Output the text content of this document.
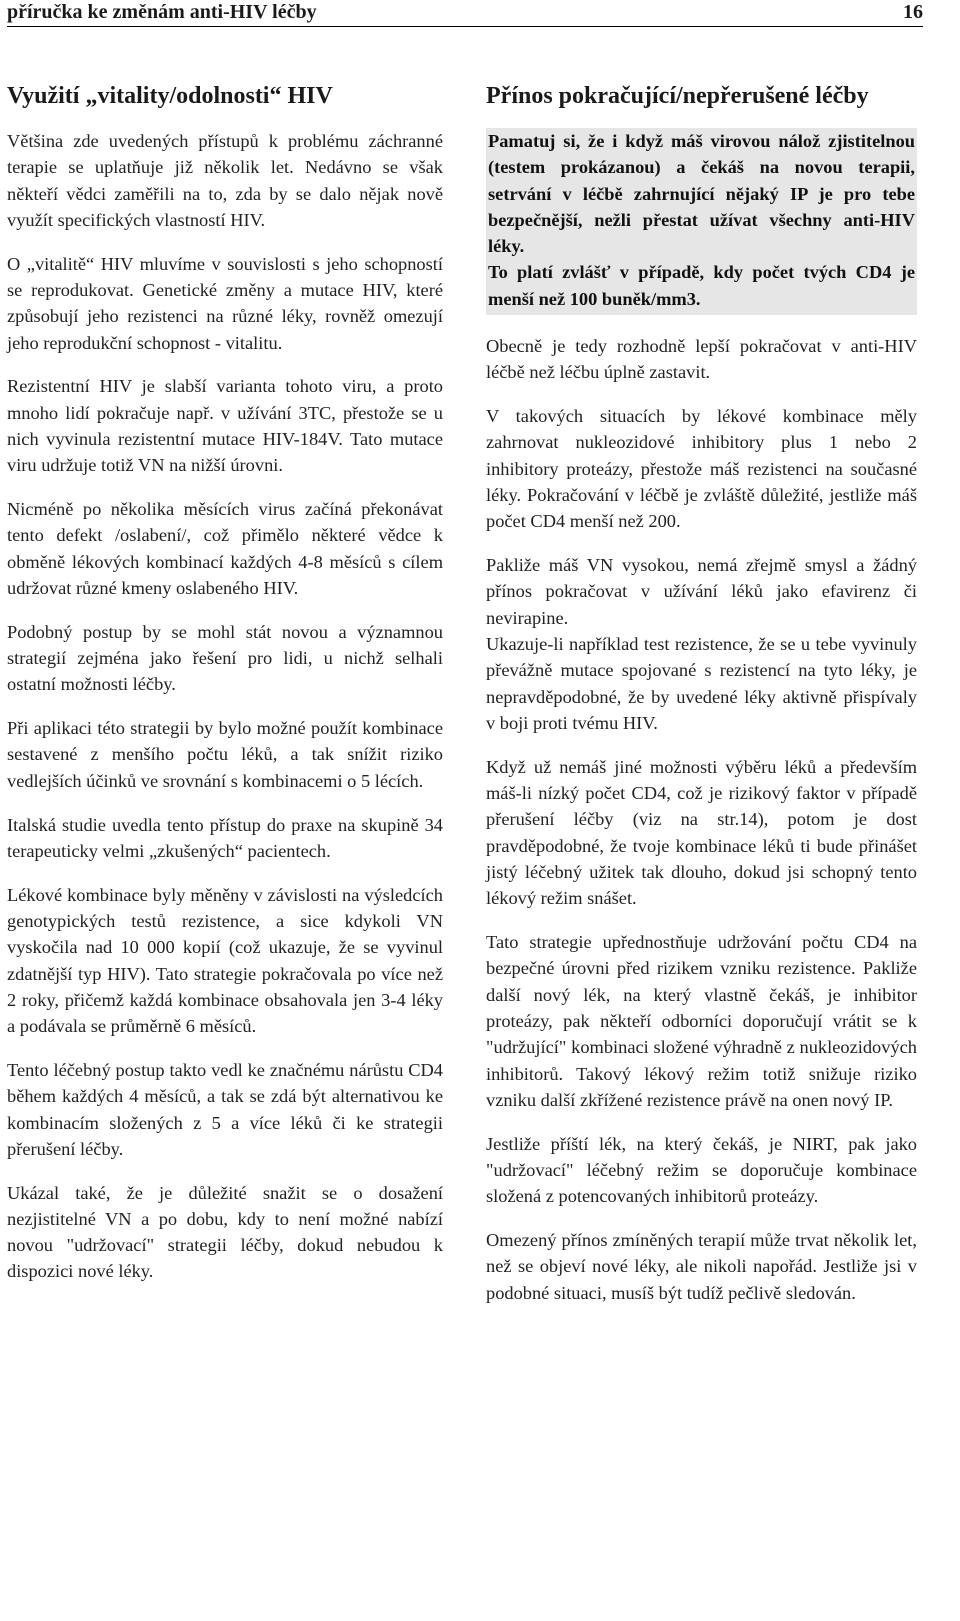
příručka ke změnám anti-HIV léčby	16
Využití „vitality/odolnosti“ HIV

Většina zde uvedených přístupů k problému záchranné terapie se uplatňuje již několik let. Nedávno se však někteří vědci zaměřili na to, zda by se dalo nějak nově využít specifických vlastností HIV.

O „vitalitě“ HIV mluvíme v souvislosti s jeho schopností se reprodukovat. Genetické změny a mutace HIV, které způsobují jeho rezistenci na různé léky, rovněž omezují jeho reprodukční schopnost - vitalitu.

Rezistentní HIV je slabší varianta tohoto viru, a proto mnoho lidí pokračuje např. v užívání 3TC, přestože se u nich vyvinula rezistentní mutace HIV-184V. Tato mutace viru udržuje totiž VN na nižší úrovni.

Nicméně po několika měsících virus začíná překonávat tento defekt /oslabení/, což přimělo některé vědce k obměně lékových kombinací každých 4-8 měsíců s cílem udržovat různé kmeny oslabeného HIV.

Podobný postup by se mohl stát novou a významnou strategií zejména jako řešení pro lidi, u nichž selhali ostatní možnosti léčby.

Při aplikaci této strategii by bylo možné použít kombinace sestavené z menšího počtu léků, a tak snížit riziko vedlejších účinků ve srovnání s kombinacemi o 5 lécích.

Italská studie uvedla tento přístup do praxe na skupině 34 terapeuticky velmi „zkušených“ pacientech.

Lékové kombinace byly měněny v závislosti na výsledcích genotypických testů rezistence, a sice kdykoli VN vyskočila nad 10 000 kopií (což ukazuje, že se vyvinul zdatnější typ HIV). Tato strategie pokračovala po více než 2 roky, přičemž každá kombinace obsahovala jen 3-4 léky a podávala se průměrně 6 měsíců.

Tento léčebný postup takto vedl ke značnému nárůstu CD4 během každých 4 měsíců, a tak se zdá být alternativou ke kombinacím složených z 5 a více léků či ke strategii přerušení léčby.

Ukázal také, že je důležité snažit se o dosažení nezjistitelné VN a po dobu, kdy to není možné nabízí novou "udržovací" strategii léčby, dokud nebudou k dispozici nové léky.

Přínos pokračující/nepřerušené léčby

Pamatuj si, že i když máš virovou nálož zjistitelnou (testem prokázanou) a čekáš na novou terapii, setrvání v léčbě zahrnující nějaký IP je pro tebe bezpečnější, nežli přestat užívat všechny anti-HIV léky.

To platí zvlášť v případě, kdy počet tvých CD4 je menší než 100 buněk/mm3.

Obecně je tedy rozhodně lepší pokračovat v anti-HIV léčbě než léčbu úplně zastavit.

V takových situacích by lékové kombinace měly zahrnovat nukleozidové inhibitory plus 1 nebo 2 inhibitory proteázy, přestože máš rezistenci na současné léky. Pokračování v léčbě je zvláště důležité, jestliže máš počet CD4 menší než 200.

Pakliže máš VN vysokou, nemá zřejmě smysl a žádný přínos pokračovat v užívání léků jako efavirenz či nevirapine.

Ukazuje-li například test rezistence, že se u tebe vyvinuly převážně mutace spojované s rezistencí na tyto léky, je nepravděpodobné, že by uvedené léky aktivně přispívaly v boji proti tvému HIV.

Když už nemáš jiné možnosti výběru léků a především máš-li nízký počet CD4, což je rizikový faktor v případě přerušení léčby (viz na str.14), potom je dost pravděpodobné, že tvoje kombinace léků ti bude přinášet jistý léčebný užitek tak dlouho, dokud jsi schopný tento lékový režim snášet.

Tato strategie upřednostňuje udržování počtu CD4 na bezpečné úrovni před rizikem vzniku rezistence. Pakliže další nový lék, na který vlastně čekáš, je inhibitor proteázy, pak někteří odborníci doporučují vrátit se k "udržující" kombinaci složené výhradně z nukleozidových inhibitorů. Takový lékový režim totiž snižuje riziko vzniku další zkřížené rezistence právě na onen nový IP.

Jestliže příští lék, na který čekáš, je NIRT, pak jako "udržovací" léčebný režim se doporučuje kombinace složená z potencovaných inhibitorů proteázy.

Omezený přínos zmíněných terapií může trvat několik let, než se objeví nové léky, ale nikoli napořád. Jestliže jsi v podobné situaci, musíš být tudíž pečlivě sledován.
